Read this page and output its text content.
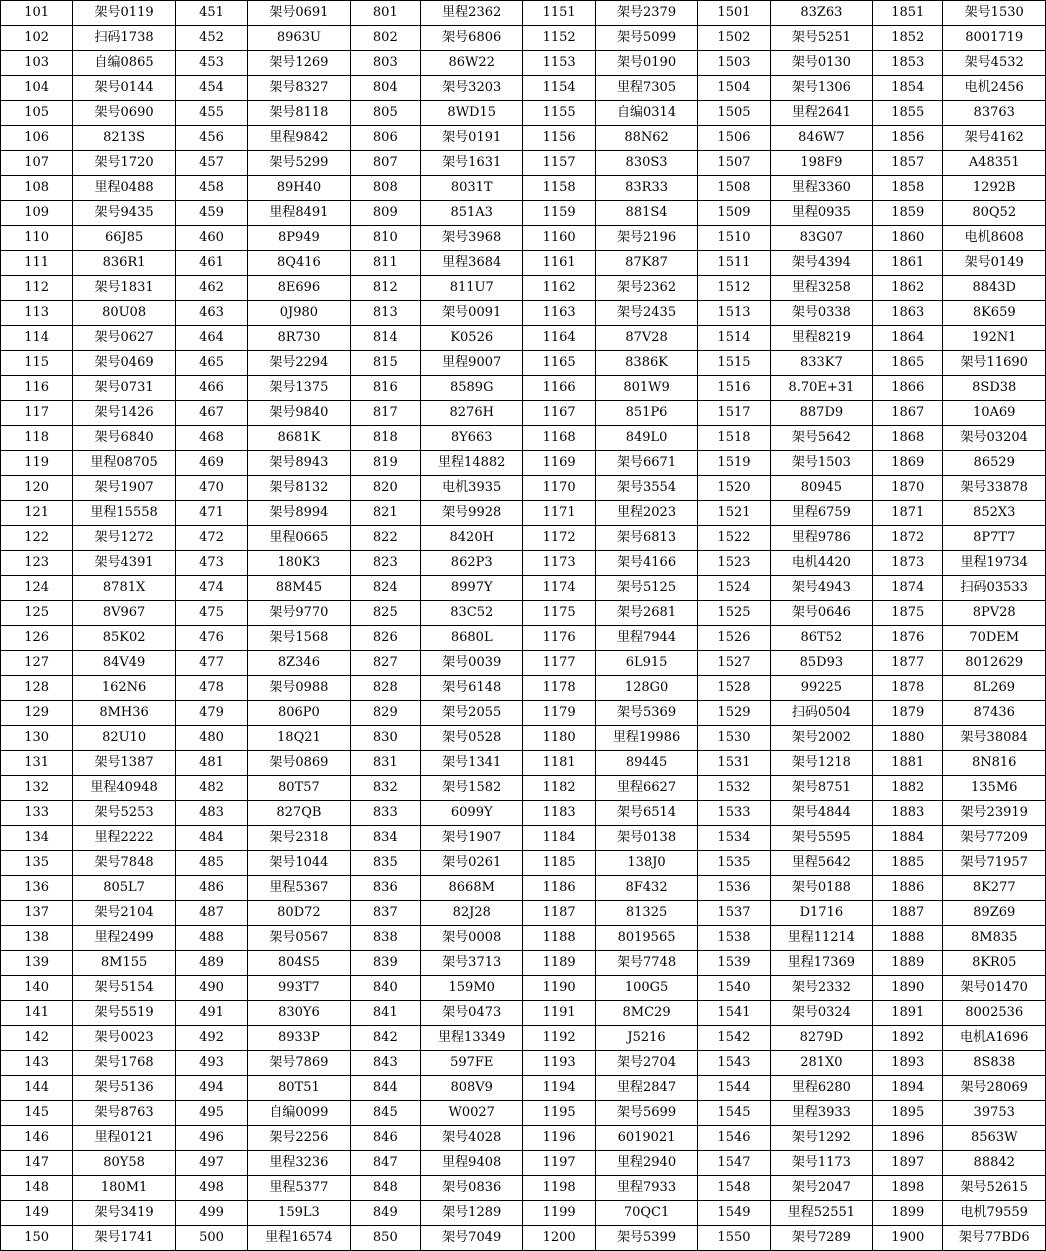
101	架号0119	451	架号0691	801	里程2362	1151	架号2379	1501	83Z63	1851	架号1530
102	扫码1738	452	8963U	802	架号6806	1152	架号5099	1502	架号5251	1852	8001719
103	自编0865	453	架号1269	803	86W22	1153	架号0190	1503	架号0130	1853	架号4532
104	架号0144	454	架号8327	804	架号3203	1154	里程7305	1504	架号1306	1854	电机2456
105	架号0690	455	架号8118	805	8WD15	1155	自编0314	1505	里程2641	1855	83763
106	8213S	456	里程9842	806	架号0191	1156	88N62	1506	846W7	1856	架号4162
107	架号1720	457	架号5299	807	架号1631	1157	830S3	1507	198F9	1857	A48351
108	里程0488	458	89H40	808	8031T	1158	83R33	1508	里程3360	1858	1292B
109	架号9435	459	里程8491	809	851A3	1159	881S4	1509	里程0935	1859	80Q52
110	66J85	460	8P949	810	架号3968	1160	架号2196	1510	83G07	1860	电机8608
111	836R1	461	8Q416	811	里程3684	1161	87K87	1511	架号4394	1861	架号0149
112	架号1831	462	8E696	812	811U7	1162	架号2362	1512	里程3258	1862	8843D
113	80U08	463	0J980	813	架号0091	1163	架号2435	1513	架号0338	1863	8K659
114	架号0627	464	8R730	814	K0526	1164	87V28	1514	里程8219	1864	192N1
115	架号0469	465	架号2294	815	里程9007	1165	8386K	1515	833K7	1865	架号11690
116	架号0731	466	架号1375	816	8589G	1166	801W9	1516	8.70E+31	1866	8SD38
117	架号1426	467	架号9840	817	8276H	1167	851P6	1517	887D9	1867	10A69
118	架号6840	468	8681K	818	8Y663	1168	849L0	1518	架号5642	1868	架号03204
119	里程08705	469	架号8943	819	里程14882	1169	架号6671	1519	架号1503	1869	86529
120	架号1907	470	架号8132	820	电机3935	1170	架号3554	1520	80945	1870	架号33878
121	里程15558	471	架号8994	821	架号9928	1171	里程2023	1521	里程6759	1871	852X3
122	架号1272	472	里程0665	822	8420H	1172	架号6813	1522	里程9786	1872	8P7T7
123	架号4391	473	180K3	823	862P3	1173	架号4166	1523	电机4420	1873	里程19734
124	8781X	474	88M45	824	8997Y	1174	架号5125	1524	架号4943	1874	扫码03533
125	8V967	475	架号9770	825	83C52	1175	架号2681	1525	架号0646	1875	8PV28
126	85K02	476	架号1568	826	8680L	1176	里程7944	1526	86T52	1876	70DEM
127	84V49	477	8Z346	827	架号0039	1177	6L915	1527	85D93	1877	8012629
128	162N6	478	架号0988	828	架号6148	1178	128G0	1528	99225	1878	8L269
129	8MH36	479	806P0	829	架号2055	1179	架号5369	1529	扫码0504	1879	87436
130	82U10	480	18Q21	830	架号0528	1180	里程19986	1530	架号2002	1880	架号38084
131	架号1387	481	架号0869	831	架号1341	1181	89445	1531	架号1218	1881	8N816
132	里程40948	482	80T57	832	架号1582	1182	里程6627	1532	架号8751	1882	135M6
133	架号5253	483	827QB	833	6099Y	1183	架号6514	1533	架号4844	1883	架号23919
134	里程2222	484	架号2318	834	架号1907	1184	架号0138	1534	架号5595	1884	架号77209
135	架号7848	485	架号1044	835	架号0261	1185	138J0	1535	里程5642	1885	架号71957
136	805L7	486	里程5367	836	8668M	1186	8F432	1536	架号0188	1886	8K277
137	架号2104	487	80D72	837	82J28	1187	81325	1537	D1716	1887	89Z69
138	里程2499	488	架号0567	838	架号0008	1188	8019565	1538	里程11214	1888	8M835
139	8M155	489	804S5	839	架号3713	1189	架号7748	1539	里程17369	1889	8KR05
140	架号5154	490	993T7	840	159M0	1190	100G5	1540	架号2332	1890	架号01470
141	架号5519	491	830Y6	841	架号0473	1191	8MC29	1541	架号0324	1891	8002536
142	架号0023	492	8933P	842	里程13349	1192	J5216	1542	8279D	1892	电机A1696
143	架号1768	493	架号7869	843	597FE	1193	架号2704	1543	281X0	1893	8S838
144	架号5136	494	80T51	844	808V9	1194	里程2847	1544	里程6280	1894	架号28069
145	架号8763	495	自编0099	845	W0027	1195	架号5699	1545	里程3933	1895	39753
146	里程0121	496	架号2256	846	架号4028	1196	6019021	1546	架号1292	1896	8563W
147	80Y58	497	里程3236	847	里程9408	1197	里程2940	1547	架号1173	1897	88842
148	180M1	498	里程5377	848	架号0836	1198	里程7933	1548	架号2047	1898	架号52615
149	架号3419	499	159L3	849	架号1289	1199	70QC1	1549	里程52551	1899	电机79559
150	架号1741	500	里程16574	850	架号7049	1200	架号5399	1550	架号7289	1900	架号77BD6
